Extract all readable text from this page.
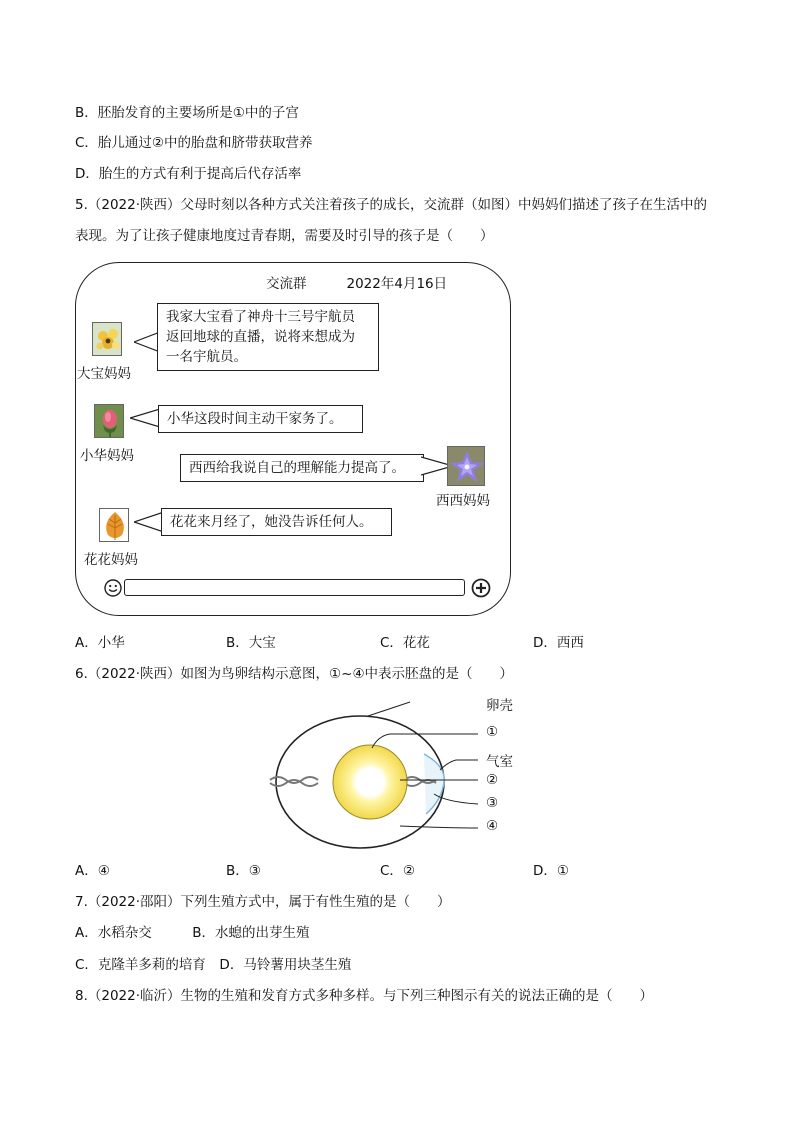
B．胚胎发育的主要场所是①中的子宫
C．胎儿通过②中的胎盘和脐带获取营养
D．胎生的方式有利于提高后代存活率
5.（2022·陕西）父母时刻以各种方式关注着孩子的成长，交流群（如图）中妈妈们描述了孩子在生活中的
表现。为了让孩子健康地度过青春期，需要及时引导的孩子是（　　）
交流群	2022年4月16日
大宝妈妈
我家大宝看了神舟十三号宇航员
返回地球的直播，说将来想成为
一名宇航员。
小华妈妈
小华这段时间主动干家务了。
西西给我说自己的理解能力提高了。
西西妈妈
花花妈妈
花花来月经了，她没告诉任何人。
A．小华	B．大宝	C．花花	D．西西
6.（2022·陕西）如图为鸟卵结构示意图，①~④中表示胚盘的是（　　）
卵壳
①
气室
②
③
④
A．④	B．③	C．②	D．①
7.（2022·邵阳）下列生殖方式中，属于有性生殖的是（　　）
A．水稻杂交　　　B．水螅的出芽生殖
C．克隆羊多莉的培育　D．马铃薯用块茎生殖
8.（2022·临沂）生物的生殖和发育方式多种多样。与下列三种图示有关的说法正确的是（　　）
